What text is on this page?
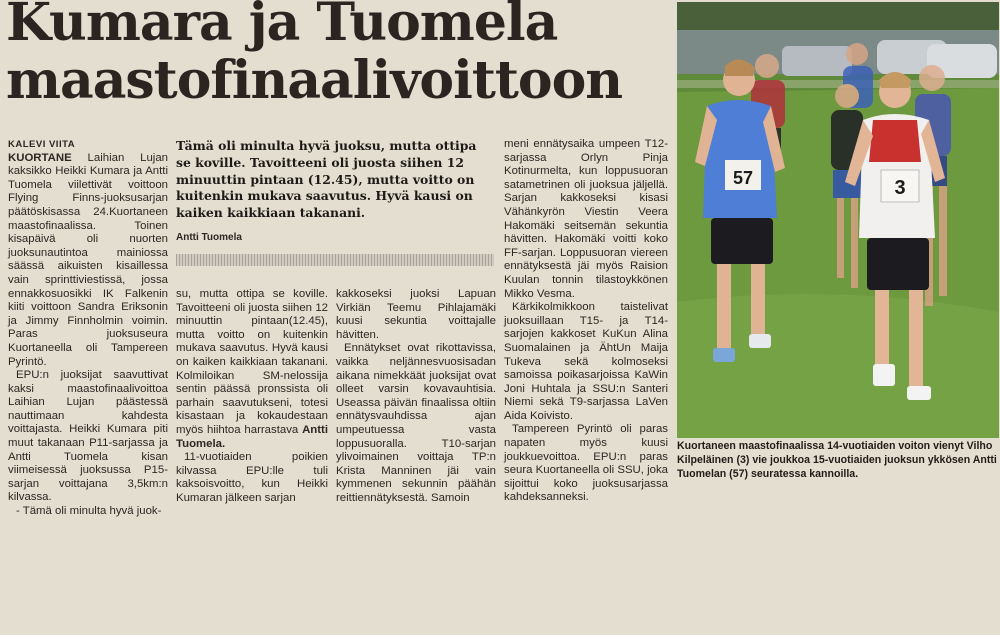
Kumara ja Tuomela
maastofinaalivoittoon

KALEVI VIITA

KUORTANE Laihian Lujan kaksikko Heikki Kumara ja Antti Tuomela viilettivät voittoon Flying Finns-juoksusarjan päätöskisassa 24.Kuortaneen maastofinaalissa. Toinen kisapäivä oli nuorten juoksunautintoa mainiossa säässä aikuisten kisaillessa vain sprinttiviestissä, jossa ennakkosuosikki IK Falkenin kiiti voittoon Sandra Eriksonin ja Jimmy Finnholmin voimin. Paras juoksuseura Kuortaneella oli Tampereen Pyrintö.

EPU:n juoksijat saavuttivat kaksi maastofinaalivoittoa Laihian Lujan päästessä nauttimaan kahdesta voittajasta. Heikki Kumara piti muut takanaan P11-sarjassa ja Antti Tuomela kisan viimeisessä juoksussa P15-sarjan voittajana 3,5km:n kilvassa.

- Tämä oli minulta hyvä juok-

Tämä oli minulta hyvä juoksu, mutta ottipa se koville. Tavoitteeni oli juosta siihen 12 minuuttin pintaan (12.45), mutta voitto on kuitenkin mukava saavutus. Hyvä kausi on kaiken kaikkiaan takanani.
Antti Tuomela

su, mutta ottipa se koville. Tavoitteeni oli juosta siihen 12 minuuttin pintaan(12.45), mutta voitto on kuitenkin mukava saavutus. Hyvä kausi on kaiken kaikkiaan takanani. Kolmiloikan SM-nelossija sentin päässä pronssista oli parhain saavutukseni, totesi kisastaan ja kokaudestaan myös hiihtoa harrastava Antti Tuomela.

11-vuotiaiden poikien kilvassa EPU:lle tuli kaksoisvoitto, kun Heikki Kumaran jälkeen sarjan

kakkoseksi juoksi Lapuan Virkiän Teemu Pihlajamäki kuusi sekuntia voittajalle hävitten.

Ennätykset ovat rikottavissa, vaikka neljännesvuosisadan aikana nimekkäät juoksijat ovat olleet varsin kovavauhtisia. Useassa päivän finaalissa oltiin ennätysvauhdissa ajan umpeutuessa vasta loppusuoralla. T10-sarjan ylivoimainen voittaja TP:n Krista Manninen jäi vain kymmenen sekunnin päähän reittiennätyksestä. Samoin

meni ennätysaika umpeen T12-sarjassa Orlyn Pinja Kotinurmelta, kun loppusuoran satametrinen oli juoksua jäljellä. Sarjan kakkoseksi kisasi Vähänkyrön Viestin Veera Hakomäki seitsemän sekuntia hävitten. Hakomäki voitti koko FF-sarjan. Loppusuoran viereen ennätyksestä jäi myös Raision Kuulan tonnin tilastoykkönen Mikko Vesma.

Kärkikolmikkoon taistelivat juoksuillaan T15- ja T14-sarjojen kakkoset KuKun Alina Suomalainen ja ÄhtUn Maija Tukeva sekä kolmoseksi samoissa poikasarjoissa KaWin Joni Huhtala ja SSU:n Santeri Niemi sekä T9-sarjassa LaVen Aida Koivisto.

Tampereen Pyrintö oli paras napaten myös kuusi joukkuevoittoa. EPU:n paras seura Kuortaneella oli SSU, joka sijoittui koko juoksusarjassa kahdeksanneksi.

57	3
Kuortaneen maastofinaalissa 14-vuotiaiden voiton vienyt Vilho Kilpeläinen (3) vie joukkoa 15-vuotiaiden juoksun ykkösen Antti Tuomelan (57) seuratessa kannoilla.
